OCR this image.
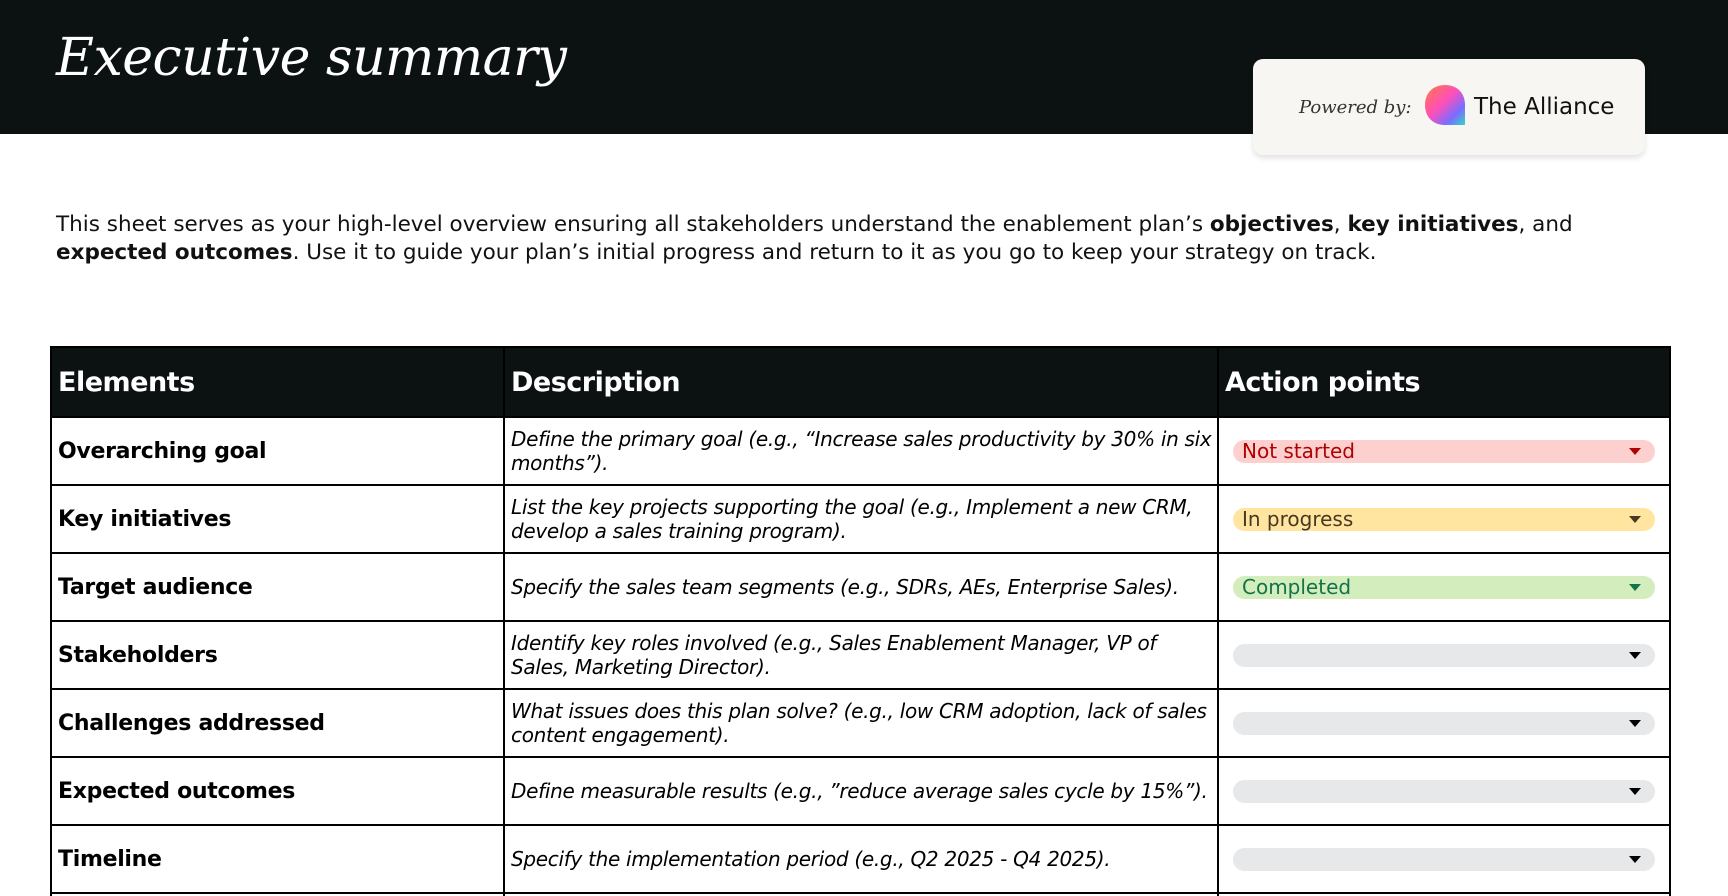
Executive summary
Powered by:	The Alliance

This sheet serves as your high-level overview ensuring all stakeholders understand the enablement plan’s objectives, key initiatives, and expected outcomes. Use it to guide your plan’s initial progress and return to it as you go to keep your strategy on track.

Elements	Description	Action points
Overarching goal	Define the primary goal (e.g., “Increase sales productivity by 30% in six months”).	Not started

Key initiatives	List the key projects supporting the goal (e.g., Implement a new CRM, develop a sales training program).	In progress

Target audience	Specify the sales team segments (e.g., SDRs, AEs, Enterprise Sales).	Completed

Stakeholders	Identify key roles involved (e.g., Sales Enablement Manager, VP of Sales, Marketing Director).	

Challenges addressed	What issues does this plan solve? (e.g., low CRM adoption, lack of sales content engagement).	

Expected outcomes	Define measurable results (e.g., ”reduce average sales cycle by 15%”).	

Timeline	Specify the implementation period (e.g., Q2 2025 - Q4 2025).	
